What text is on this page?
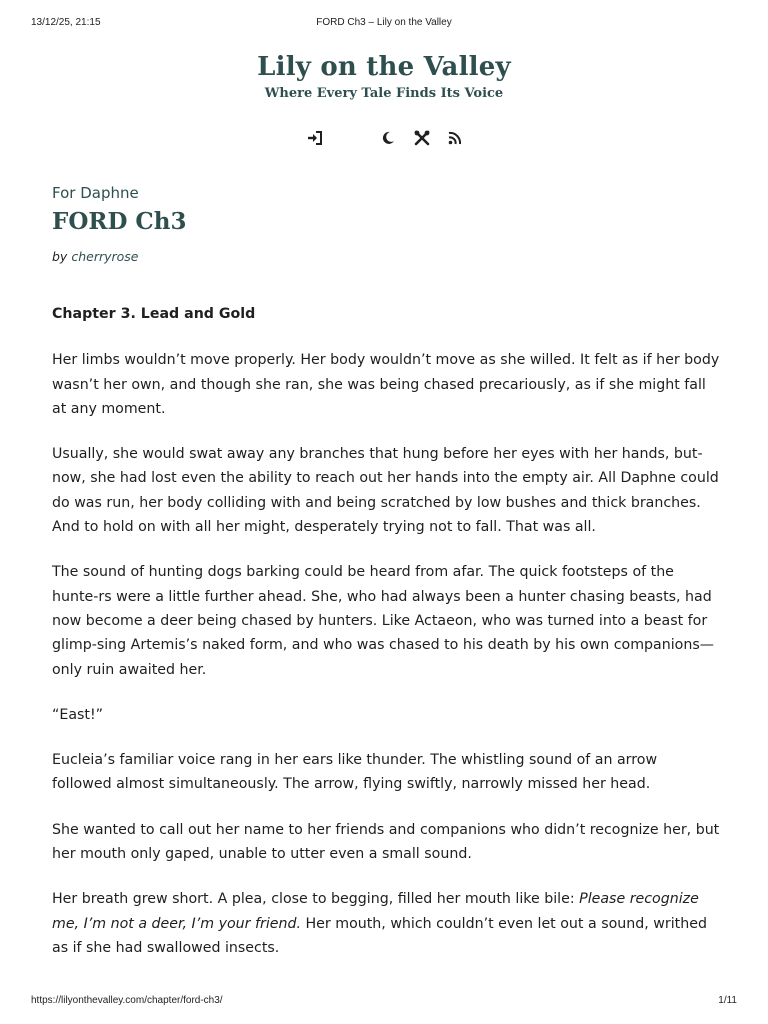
13/12/25, 21:15	FORD Ch3 – Lily on the Valley
Lily on the Valley
Where Every Tale Finds Its Voice
For Daphne
FORD Ch3
by cherryrose

Chapter 3. Lead and Gold

Her limbs wouldn’t move properly. Her body wouldn’t move as she willed. It felt as if her body wasn’t her own, and though she ran, she was being chased precariously, as if she might fall at any moment.

Usually, she would swat away any branches that hung before her eyes with her hands, but-now, she had lost even the ability to reach out her hands into the empty air. All Daphne could do was run, her body colliding with and being scratched by low bushes and thick branches. And to hold on with all her might, desperately trying not to fall. That was all.

The sound of hunting dogs barking could be heard from afar. The quick footsteps of the hunte-rs were a little further ahead. She, who had always been a hunter chasing beasts, had now become a deer being chased by hunters. Like Actaeon, who was turned into a beast for glimp-sing Artemis’s naked form, and who was chased to his death by his own companions—only ruin awaited her.

“East!”

Eucleia’s familiar voice rang in her ears like thunder. The whistling sound of an arrow followed almost simultaneously. The arrow, flying swiftly, narrowly missed her head.

She wanted to call out her name to her friends and companions who didn’t recognize her, but her mouth only gaped, unable to utter even a small sound.

Her breath grew short. A plea, close to begging, filled her mouth like bile: Please recognize me, I’m not a deer, I’m your friend. Her mouth, which couldn’t even let out a sound, writhed as if she had swallowed insects.

https://lilyonthevalley.com/chapter/ford-ch3/	1/11
